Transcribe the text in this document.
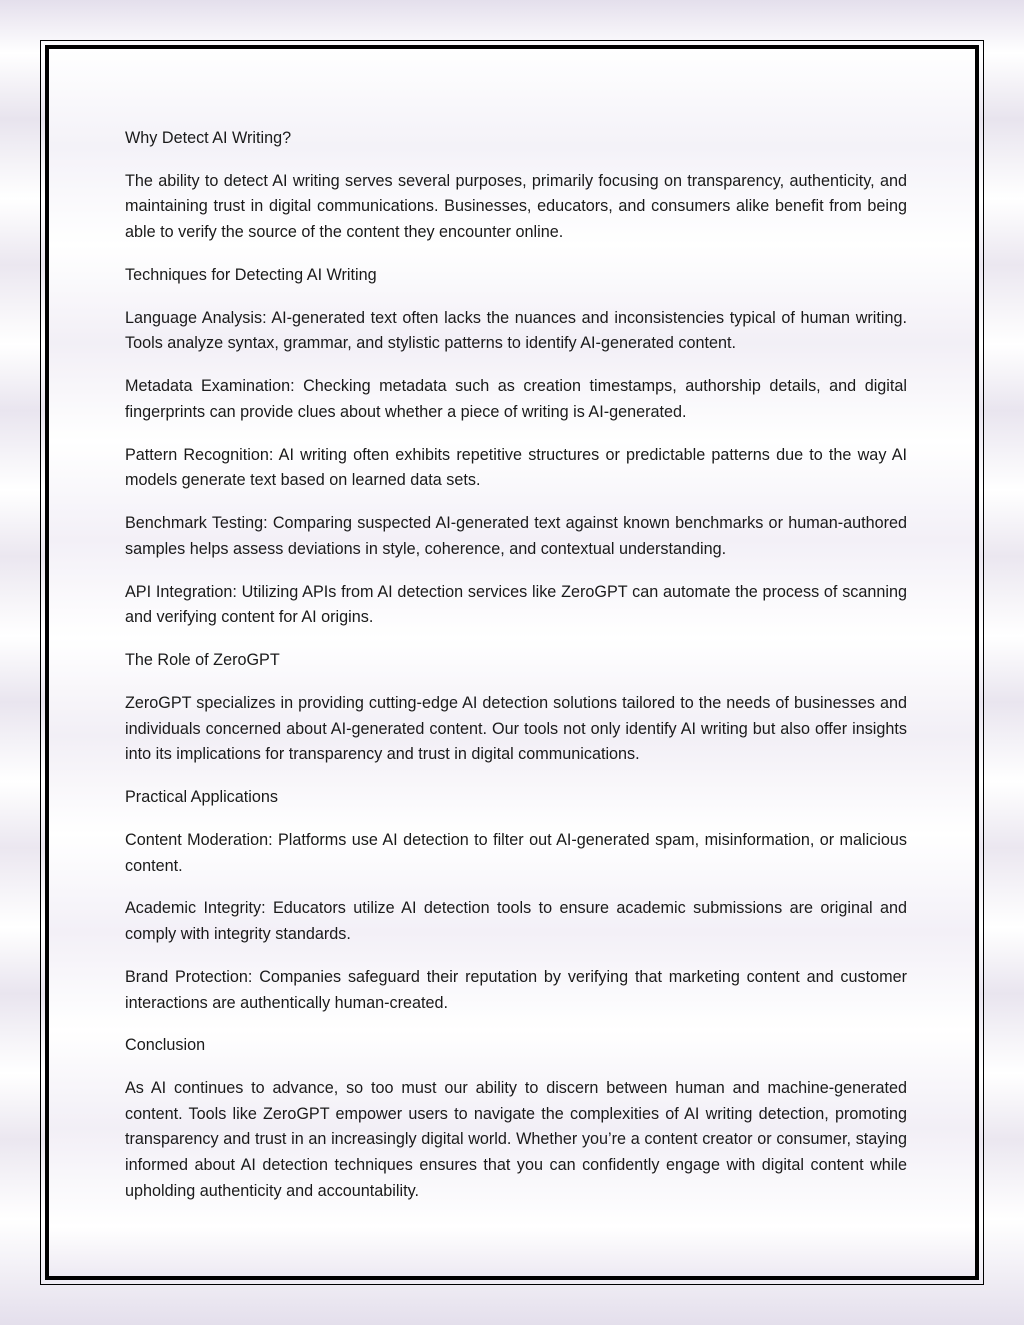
Why Detect AI Writing?

The ability to detect AI writing serves several purposes, primarily focusing on transparency, authenticity, and maintaining trust in digital communications. Businesses, educators, and consumers alike benefit from being able to verify the source of the content they encounter online.

Techniques for Detecting AI Writing

Language Analysis: AI-generated text often lacks the nuances and inconsistencies typical of human writing. Tools analyze syntax, grammar, and stylistic patterns to identify AI-generated content.

Metadata Examination: Checking metadata such as creation timestamps, authorship details, and digital fingerprints can provide clues about whether a piece of writing is AI-generated.

Pattern Recognition: AI writing often exhibits repetitive structures or predictable patterns due to the way AI models generate text based on learned data sets.

Benchmark Testing: Comparing suspected AI-generated text against known benchmarks or human-authored samples helps assess deviations in style, coherence, and contextual understanding.

API Integration: Utilizing APIs from AI detection services like ZeroGPT can automate the process of scanning and verifying content for AI origins.

The Role of ZeroGPT

ZeroGPT specializes in providing cutting-edge AI detection solutions tailored to the needs of businesses and individuals concerned about AI-generated content. Our tools not only identify AI writing but also offer insights into its implications for transparency and trust in digital communications.

Practical Applications

Content Moderation: Platforms use AI detection to filter out AI-generated spam, misinformation, or malicious content.

Academic Integrity: Educators utilize AI detection tools to ensure academic submissions are original and comply with integrity standards.

Brand Protection: Companies safeguard their reputation by verifying that marketing content and customer interactions are authentically human-created.

Conclusion

As AI continues to advance, so too must our ability to discern between human and machine-generated content. Tools like ZeroGPT empower users to navigate the complexities of AI writing detection, promoting transparency and trust in an increasingly digital world. Whether you’re a content creator or consumer, staying informed about AI detection techniques ensures that you can confidently engage with digital content while upholding authenticity and accountability.
